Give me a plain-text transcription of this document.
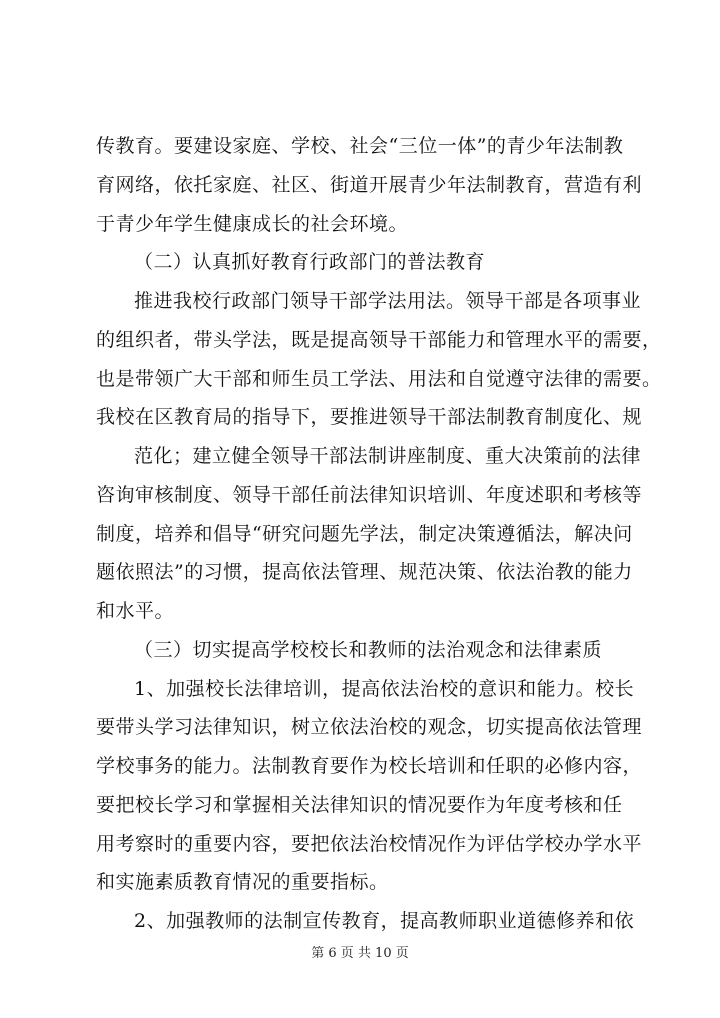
传教育。要建设家庭、学校、社会“三位一体”的青少年法制教
育网络，依托家庭、社区、街道开展青少年法制教育，营造有利
于青少年学生健康成长的社会环境。
（二）认真抓好教育行政部门的普法教育
推进我校行政部门领导干部学法用法。领导干部是各项事业
的组织者，带头学法，既是提高领导干部能力和管理水平的需要，
也是带领广大干部和师生员工学法、用法和自觉遵守法律的需要。
我校在区教育局的指导下，要推进领导干部法制教育制度化、规
范化；建立健全领导干部法制讲座制度、重大决策前的法律
咨询审核制度、领导干部任前法律知识培训、年度述职和考核等
制度，培养和倡导“研究问题先学法，制定决策遵循法，解决问
题依照法”的习惯，提高依法管理、规范决策、依法治教的能力
和水平。
（三）切实提高学校校长和教师的法治观念和法律素质
1、加强校长法律培训，提高依法治校的意识和能力。校长
要带头学习法律知识，树立依法治校的观念，切实提高依法管理
学校事务的能力。法制教育要作为校长培训和任职的必修内容，
要把校长学习和掌握相关法律知识的情况要作为年度考核和任
用考察时的重要内容，要把依法治校情况作为评估学校办学水平
和实施素质教育情况的重要指标。
2、加强教师的法制宣传教育，提高教师职业道德修养和依
第 6 页 共 10 页
